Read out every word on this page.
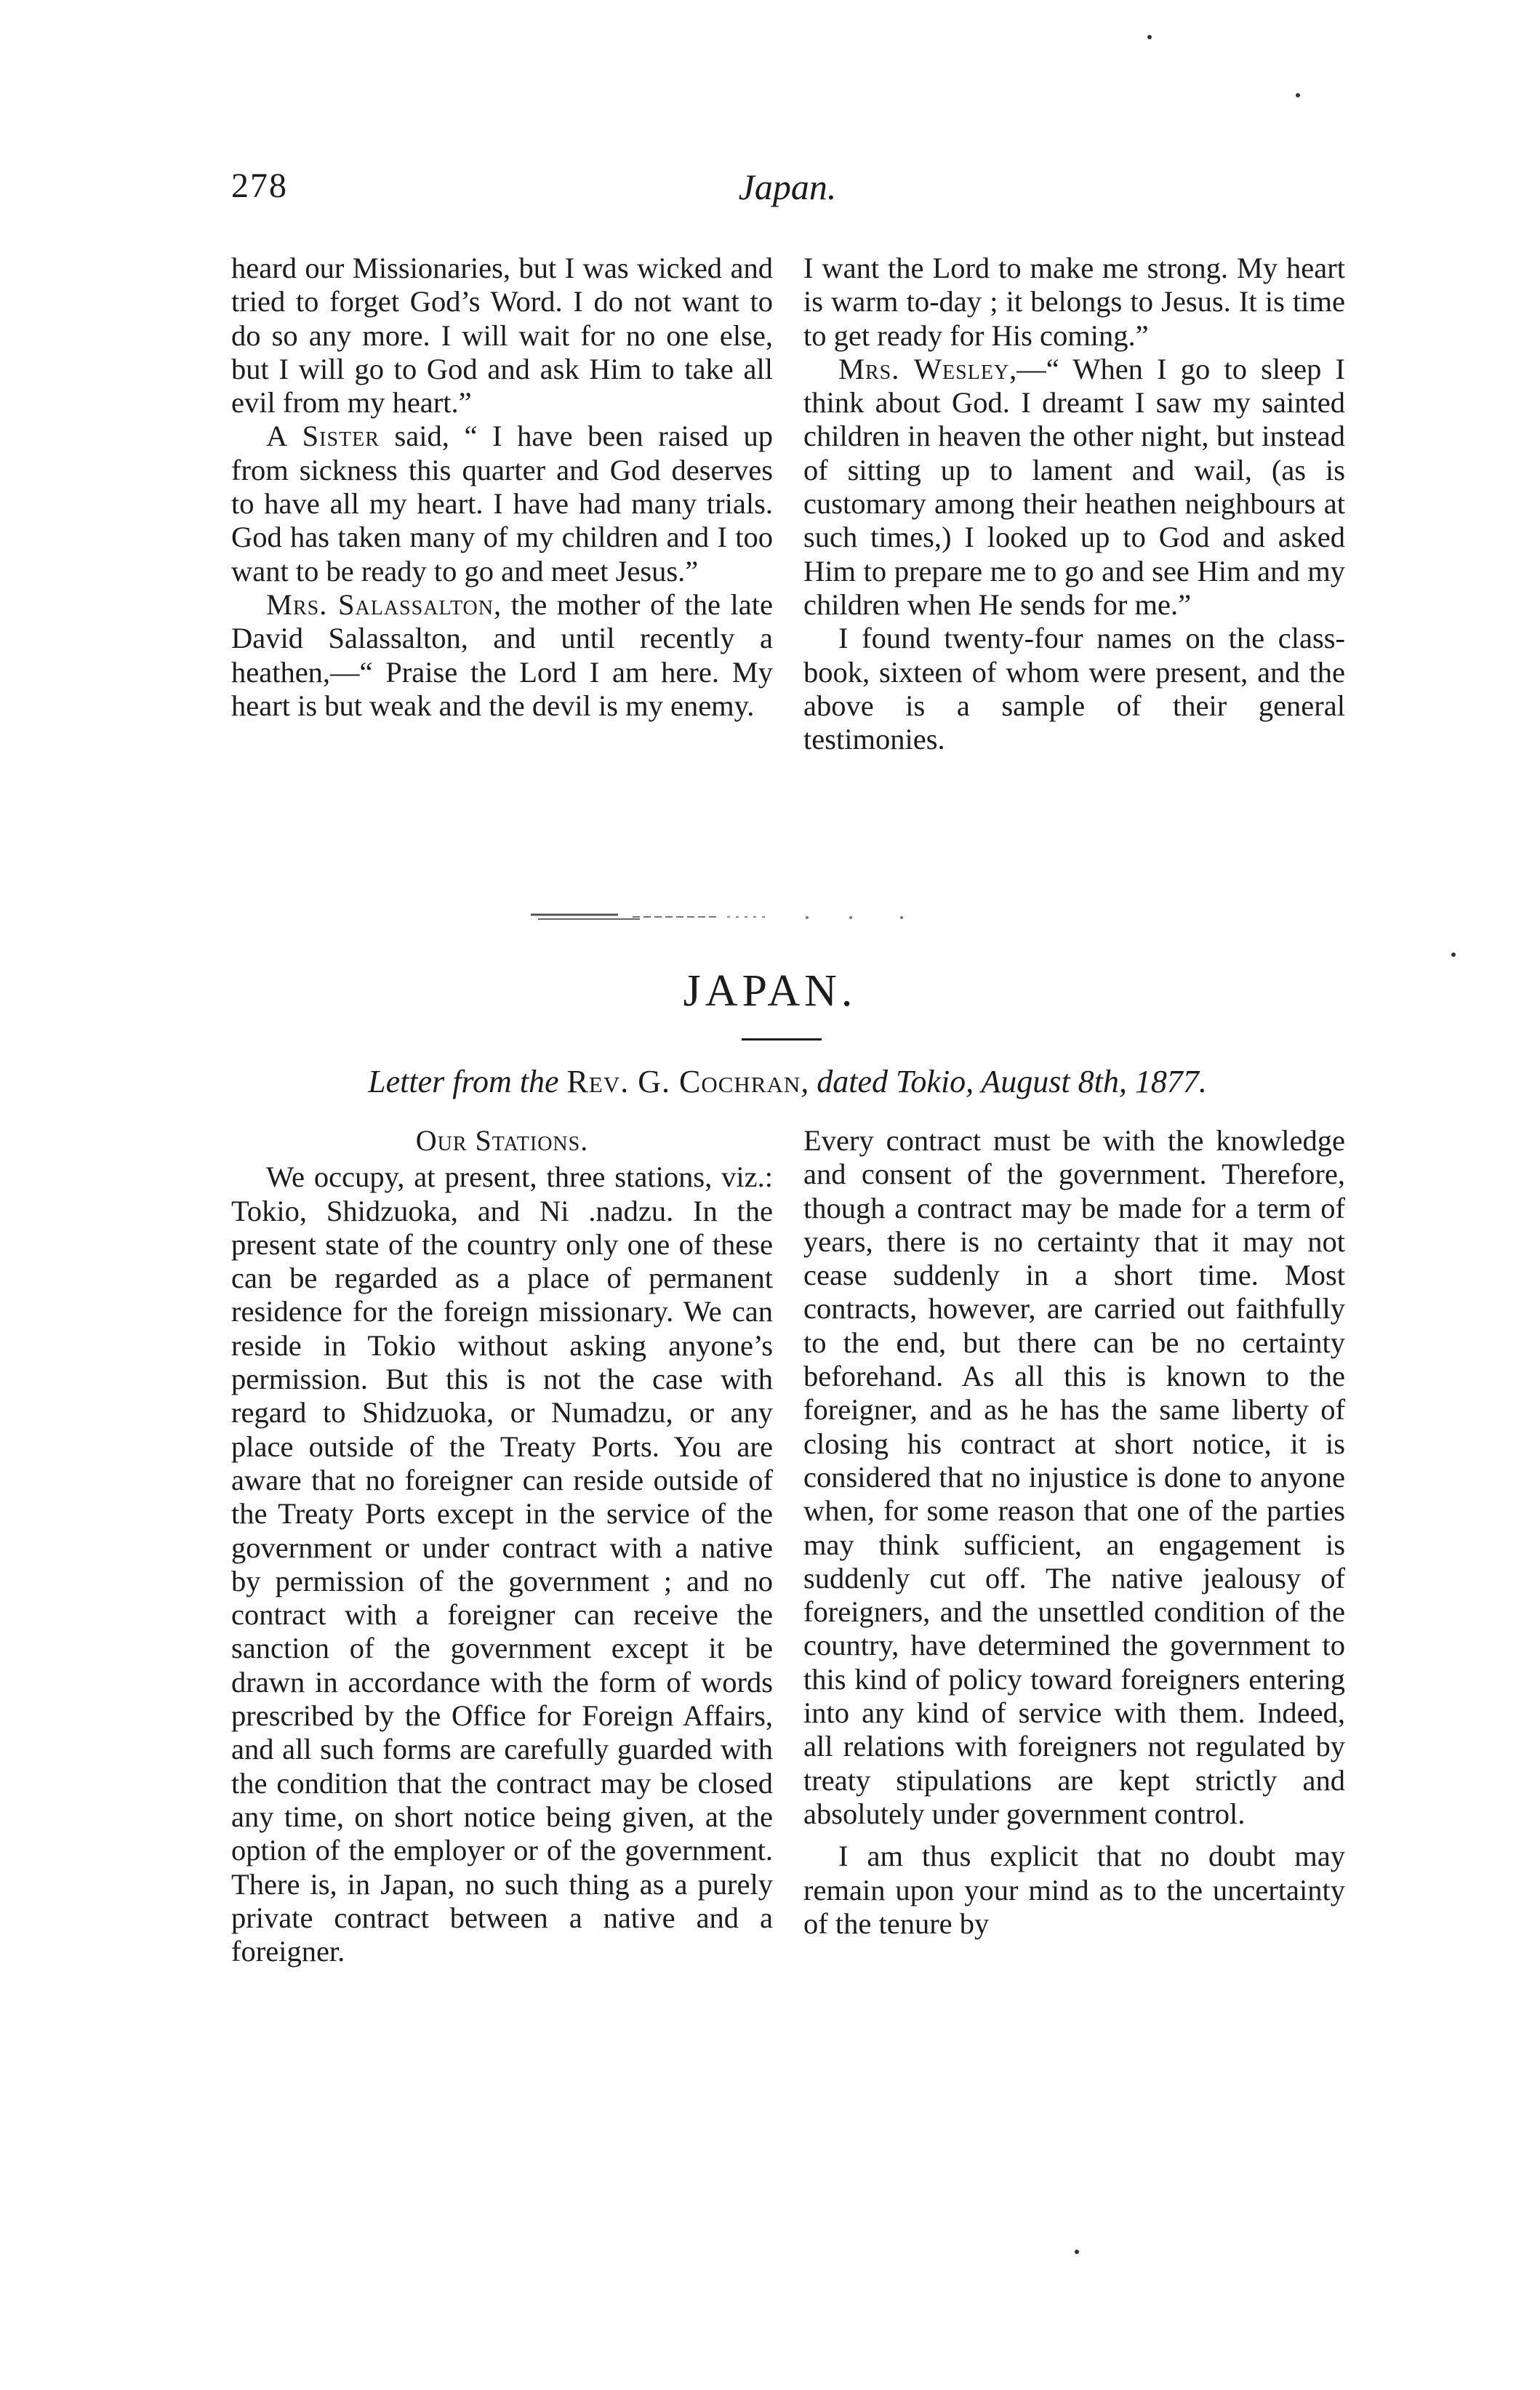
278	Japan.

heard our Missionaries, but I was wicked and tried to forget God’s Word. I do not want to do so any more. I will wait for no one else, but I will go to God and ask Him to take all evil from my heart.”

A Sister said, “ I have been raised up from sickness this quarter and God deserves to have all my heart. I have had many trials. God has taken many of my children and I too want to be ready to go and meet Jesus.”

Mrs. Salassalton, the mother of the late David Salassalton, and until recently a heathen,—“ Praise the Lord I am here. My heart is but weak and the devil is my enemy.

I want the Lord to make me strong. My heart is warm to-day ; it belongs to Jesus. It is time to get ready for His coming.”

Mrs. Wesley,—“ When I go to sleep I think about God. I dreamt I saw my sainted children in heaven the other night, but instead of sitting up to lament and wail, (as is customary among their heathen neighbours at such times,) I looked up to God and asked Him to prepare me to go and see Him and my children when He sends for me.”

I found twenty-four names on the class-book, sixteen of whom were present, and the above is a sample of their general testimonies.

JAPAN.
Letter from the Rev. G. Cochran, dated Tokio, August 8th, 1877.
Our Stations.

We occupy, at present, three stations, viz.: Tokio, Shidzuoka, and Ni .nadzu. In the present state of the country only one of these can be regarded as a place of permanent residence for the foreign missionary. We can reside in Tokio without asking anyone’s permission. But this is not the case with regard to Shidzuoka, or Numadzu, or any place outside of the Treaty Ports. You are aware that no foreigner can reside outside of the Treaty Ports except in the service of the government or under contract with a native by permission of the government ; and no contract with a foreigner can receive the sanction of the government except it be drawn in accordance with the form of words prescribed by the Office for Foreign Affairs, and all such forms are carefully guarded with the condition that the contract may be closed any time, on short notice being given, at the option of the employer or of the government. There is, in Japan, no such thing as a purely private contract between a native and a foreigner.

Every contract must be with the knowledge and consent of the government. Therefore, though a contract may be made for a term of years, there is no certainty that it may not cease suddenly in a short time. Most contracts, however, are carried out faithfully to the end, but there can be no certainty beforehand. As all this is known to the foreigner, and as he has the same liberty of closing his contract at short notice, it is considered that no injustice is done to anyone when, for some reason that one of the parties may think sufficient, an engagement is suddenly cut off. The native jealousy of foreigners, and the unsettled condition of the country, have determined the government to this kind of policy toward foreigners entering into any kind of service with them. Indeed, all relations with foreigners not regulated by treaty stipulations are kept strictly and absolutely under government control.

I am thus explicit that no doubt may remain upon your mind as to the uncertainty of the tenure by
